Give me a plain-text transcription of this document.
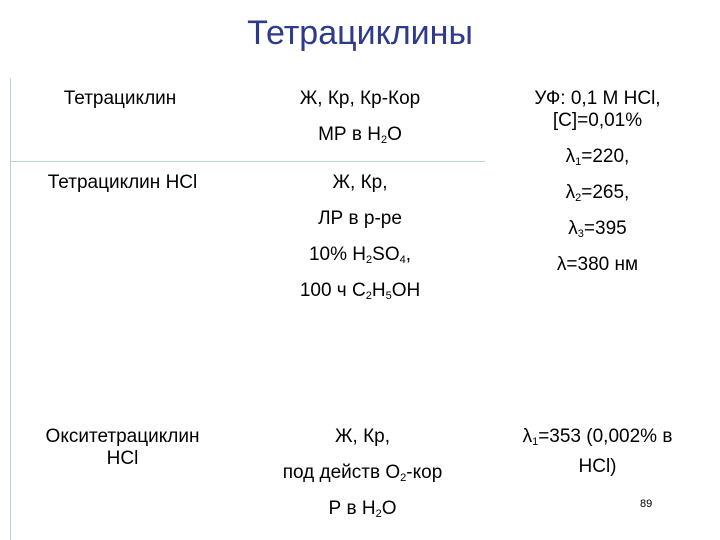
Тетрациклины
Тетрациклин	Ж, Кр, Кр-Кор
МР в $Н_2О$
Тетрациклин НСl	Ж, Кр,
ЛР в р-ре
10% $Н_2SO_4$,
100 ч $С_2Н_5ОН$
УФ: 0,1 М НСl,
[C]=0,01%
$\lambda_1=220$,
$\lambda_2=265$,
$\lambda_3=395$
λ=380 нм
Окситетрациклин
НСl
Ж, Кр,
под действ $О_2$-кор
Р в $Н_2О$
$\lambda_1=353$ (0,002% в
НСl)
89
